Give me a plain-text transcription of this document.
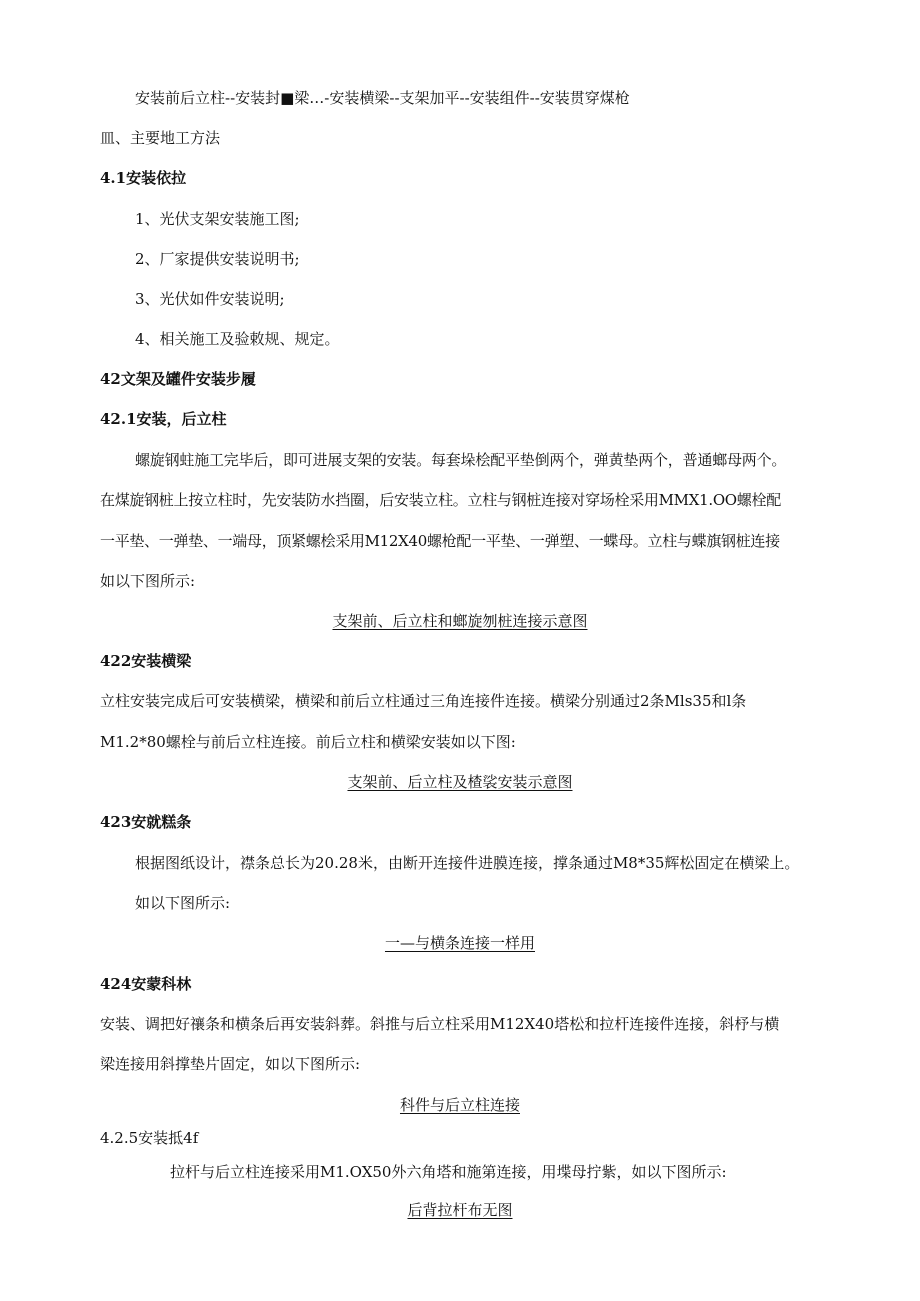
安装前后立柱--安装封■梁…-安装横梁--支架加平--安装组件--安装贯穿煤枪
皿、主要地工方法
4.1安装依拉
1、光伏支架安装施工图;
2、厂家提供安装说明书;
3、光伏如件安装说明;
4、相关施工及验敕规、规定。
42文架及罐件安装步履
42.1安装，后立柱
螺旋钢蛀施工完毕后，即可进展支架的安装。每套垛桧配平垫倒两个，弹黄垫两个，普通螂母两个。
在煤旋钢桩上按立柱时，先安装防水挡圈，后安装立柱。立柱与钢桩连接对穿场栓采用MMX1.OO螺栓配
一平垫、一弹垫、一端母，顶紧螺桧采用M12X40螺枪配一平垫、一弹塑、一蝶母。立柱与蝶旗钢桩连接
如以下图所示:
支架前、后立柱和螂旋刎桩连接示意图
422安装横梁
立柱安装完成后可安装横梁，横梁和前后立柱通过三角连接件连接。横梁分别通过2条Mls35和l条
M1.2*80螺栓与前后立柱连接。前后立柱和横梁安装如以下图:
支架前、后立柱及楂裟安装示意图
423安就糕条
根据图纸设计，襟条总长为20.28米，由断开连接件进膜连接，撑条通过M8*35辉松固定在横梁上。
如以下图所示:
一—与横条连接一样用
424安蒙科林
安装、调把好禳条和横条后再安装斜葬。斜推与后立柱采用M12X40塔松和拉杆连接件连接，斜杼与横
梁连接用斜撑垫片固定，如以下图所示:
科件与后立柱连接
4.2.5安装抵4f
拉杆与后立柱连接采用M1.OX50外六角塔和施第连接，用堞母拧紫，如以下图所示:
后背拉杆布无图
